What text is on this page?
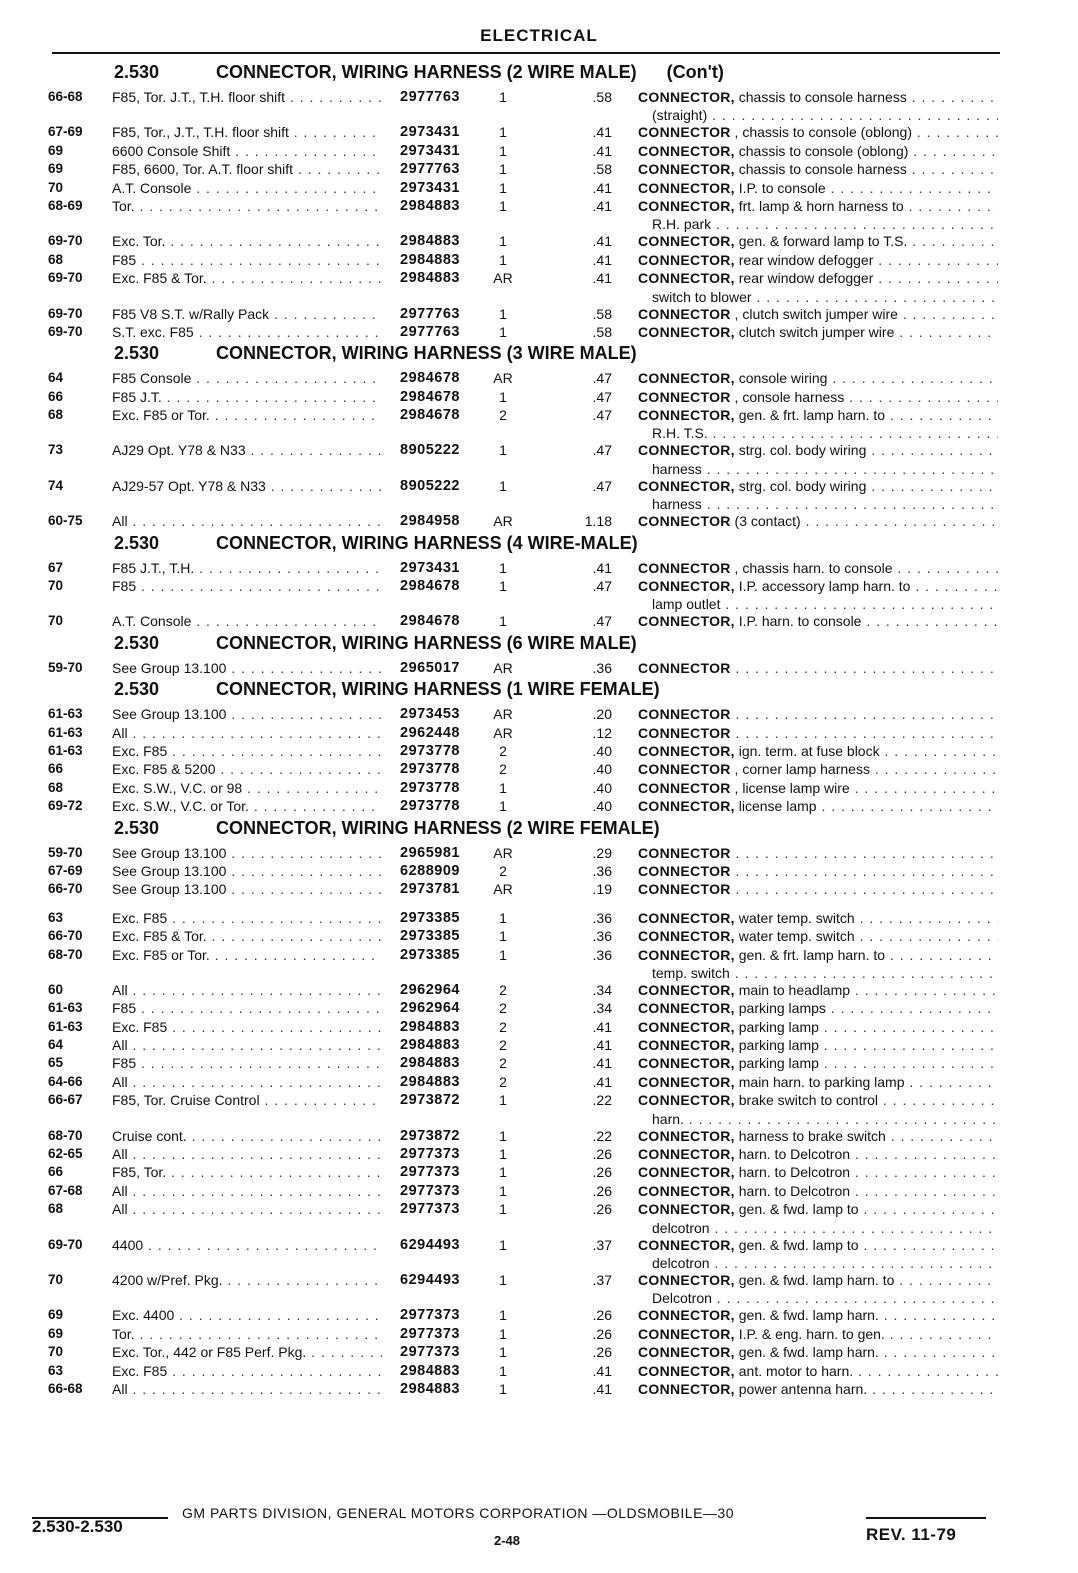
ELECTRICAL
2.530	CONNECTOR, WIRING HARNESS (2 WIRE MALE) (Con't)
66-68 F85, Tor. J.T., T.H. floor shift . . .	2977763	1	.58 CONNECTOR, chassis to console harness . . .
(straight) . . .
67-69 F85, Tor., J.T., T.H. floor shift . . .	2973431	1	.41 CONNECTOR , chassis to console (oblong) . . .
69	6600 Console Shift . . .	2973431	1	.41 CONNECTOR, chassis to console (oblong) . . .
69	F85, 6600, Tor. A.T. floor shift . . .	2977763	1	.58 CONNECTOR, chassis to console harness . . .
70	A.T. Console . . .	2973431	1	.41 CONNECTOR, I.P. to console . . .
68-69 Tor. . . .	2984883	1	.41 CONNECTOR, frt. lamp & horn harness to . . .
R.H. park . . .
69-70 Exc. Tor. . . .	2984883	1	.41 CONNECTOR, gen. & forward lamp to T.S. . . .
68	F85 . . .	2984883	1	.41 CONNECTOR, rear window defogger . . .
69-70 Exc. F85 & Tor. . . .	2984883	AR	.41 CONNECTOR, rear window defogger . . .
switch to blower . . .
69-70 F85 V8 S.T. w/Rally Pack . . .	2977763	1	.58 CONNECTOR , clutch switch jumper wire . . .
69-70 S.T. exc. F85 . . .	2977763	1	.58 CONNECTOR, clutch switch jumper wire . . .
2.530	CONNECTOR, WIRING HARNESS (3 WIRE MALE)
64	F85 Console . . .	2984678	AR	.47 CONNECTOR, console wiring . . .
66	F85 J.T. . . .	2984678	1	.47 CONNECTOR , console harness . . .
68	Exc. F85 or Tor. . . .	2984678	2	.47 CONNECTOR, gen. & frt. lamp harn. to . . .
R.H. T.S. . . .
73	AJ29 Opt. Y78 & N33 . . .	8905222	1	.47 CONNECTOR, strg. col. body wiring . . .
harness . . .
74	AJ29-57 Opt. Y78 & N33 . . .	8905222	1	.47 CONNECTOR, strg. col. body wiring . . .
harness . . .
60-75 All . . .	2984958	AR	1.18 CONNECTOR (3 contact) . . .
2.530	CONNECTOR, WIRING HARNESS (4 WIRE-MALE)
67	F85 J.T., T.H. . . .	2973431	1	.41 CONNECTOR , chassis harn. to console . . .
70	F85 . . .	2984678	1	.47 CONNECTOR, I.P. accessory lamp harn. to . . .
lamp outlet . . .
70	A.T. Console . . .	2984678	1	.47 CONNECTOR, I.P. harn. to console . . .
2.530	CONNECTOR, WIRING HARNESS (6 WIRE MALE)
59-70 See Group 13.100 . . .	2965017	AR	.36 CONNECTOR . . .
2.530	CONNECTOR, WIRING HARNESS (1 WIRE FEMALE)
61-63 See Group 13.100 . . .	2973453	AR	.20 CONNECTOR . . .
61-63 All . . .	2962448	AR	.12 CONNECTOR . . .
61-63 Exc. F85 . . .	2973778	2	.40 CONNECTOR, ign. term. at fuse block . . .
66	Exc. F85 & 5200 . . .	2973778	2	.40 CONNECTOR , corner lamp harness . . .
68	Exc. S.W., V.C. or 98 . . .	2973778	1	.40 CONNECTOR , license lamp wire . . .
69-72 Exc. S.W., V.C. or Tor. . . .	2973778	1	.40 CONNECTOR, license lamp . . .
2.530	CONNECTOR, WIRING HARNESS (2 WIRE FEMALE)
59-70 See Group 13.100 . . .	2965981	AR	.29 CONNECTOR . . .
67-69 See Group 13.100 . . .	6288909	2	.36 CONNECTOR . . .
66-70 See Group 13.100 . . .	2973781	AR	.19 CONNECTOR . . .
63	Exc. F85 . . .	2973385	1	.36 CONNECTOR, water temp. switch . . .
66-70 Exc. F85 & Tor. . . .	2973385	1	.36 CONNECTOR, water temp. switch . . .
68-70 Exc. F85 or Tor. . . .	2973385	1	.36 CONNECTOR, gen. & frt. lamp harn. to . . .
temp. switch . . .
60	All . . .	2962964	2	.34 CONNECTOR, main to headlamp . . .
61-63 F85 . . .	2962964	2	.34 CONNECTOR, parking lamps . . .
61-63 Exc. F85 . . .	2984883	2	.41 CONNECTOR, parking lamp . . .
64	All . . .	2984883	2	.41 CONNECTOR, parking lamp . . .
65	F85 . . .	2984883	2	.41 CONNECTOR, parking lamp . . .
64-66 All . . .	2984883	2	.41 CONNECTOR, main harn. to parking lamp . . .
66-67 F85, Tor. Cruise Control . . .	2973872	1	.22 CONNECTOR, brake switch to control . . .
harn. . . .
68-70 Cruise cont. . . .	2973872	1	.22 CONNECTOR, harness to brake switch . . .
62-65 All . . .	2977373	1	.26 CONNECTOR, harn. to Delcotron . . .
66	F85, Tor. . . .	2977373	1	.26 CONNECTOR, harn. to Delcotron . . .
67-68 All . . .	2977373	1	.26 CONNECTOR, harn. to Delcotron . . .
68	All . . .	2977373	1	.26 CONNECTOR, gen. & fwd. lamp to . . .
delcotron . . .
69-70 4400 . . .	6294493	1	.37 CONNECTOR, gen. & fwd. lamp to . . .
delcotron . . .
70	4200 w/Pref. Pkg. . . .	6294493	1	.37 CONNECTOR, gen. & fwd. lamp harn. to . . .
Delcotron . . .
69	Exc. 4400 . . .	2977373	1	.26 CONNECTOR, gen. & fwd. lamp harn. . . .
69	Tor. . . .	2977373	1	.26 CONNECTOR, I.P. & eng. harn. to gen. . . .
70	Exc. Tor., 442 or F85 Perf. Pkg. . . .	2977373	1	.26 CONNECTOR, gen. & fwd. lamp harn. . . .
63	Exc. F85 . . .	2984883	1	.41 CONNECTOR, ant. motor to harn. . . .
66-68 All . . .	2984883	1	.41 CONNECTOR, power antenna harn. . . .
GM PARTS DIVISION, GENERAL MOTORS CORPORATION —OLDSMOBILE—30
2.530-2.530
2-48	REV. 11-79
